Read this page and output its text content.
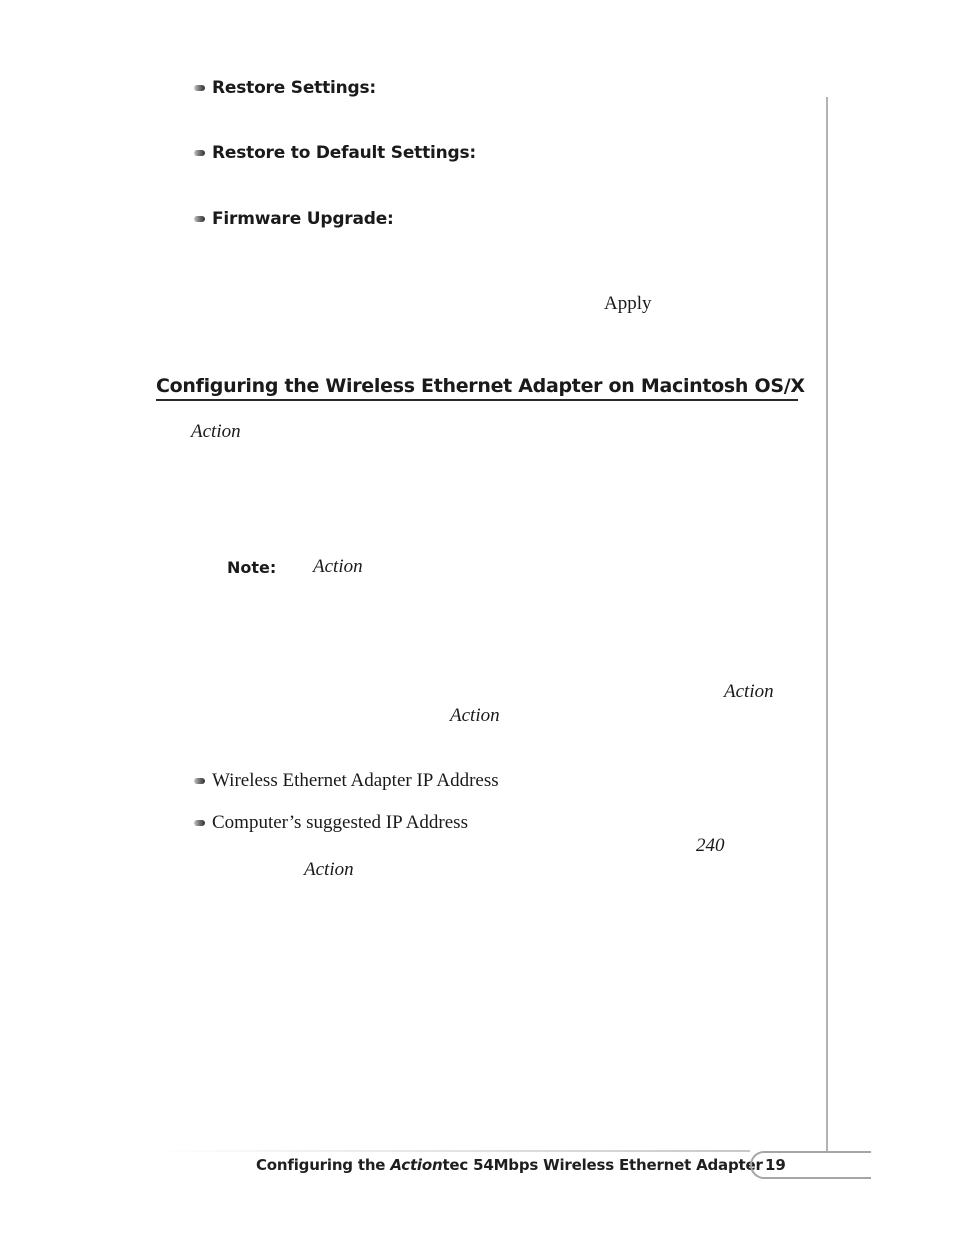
Restore Settings:
Restore to Default Settings:
Firmware Upgrade:
Apply
Configuring the Wireless Ethernet Adapter on Macintosh OS/X
Action
Note: Action
Action
Action
Wireless Ethernet Adapter IP Address
Computer’s suggested IP Address
240
Action
Configuring the Actiontec 54Mbps Wireless Ethernet Adapter 19
